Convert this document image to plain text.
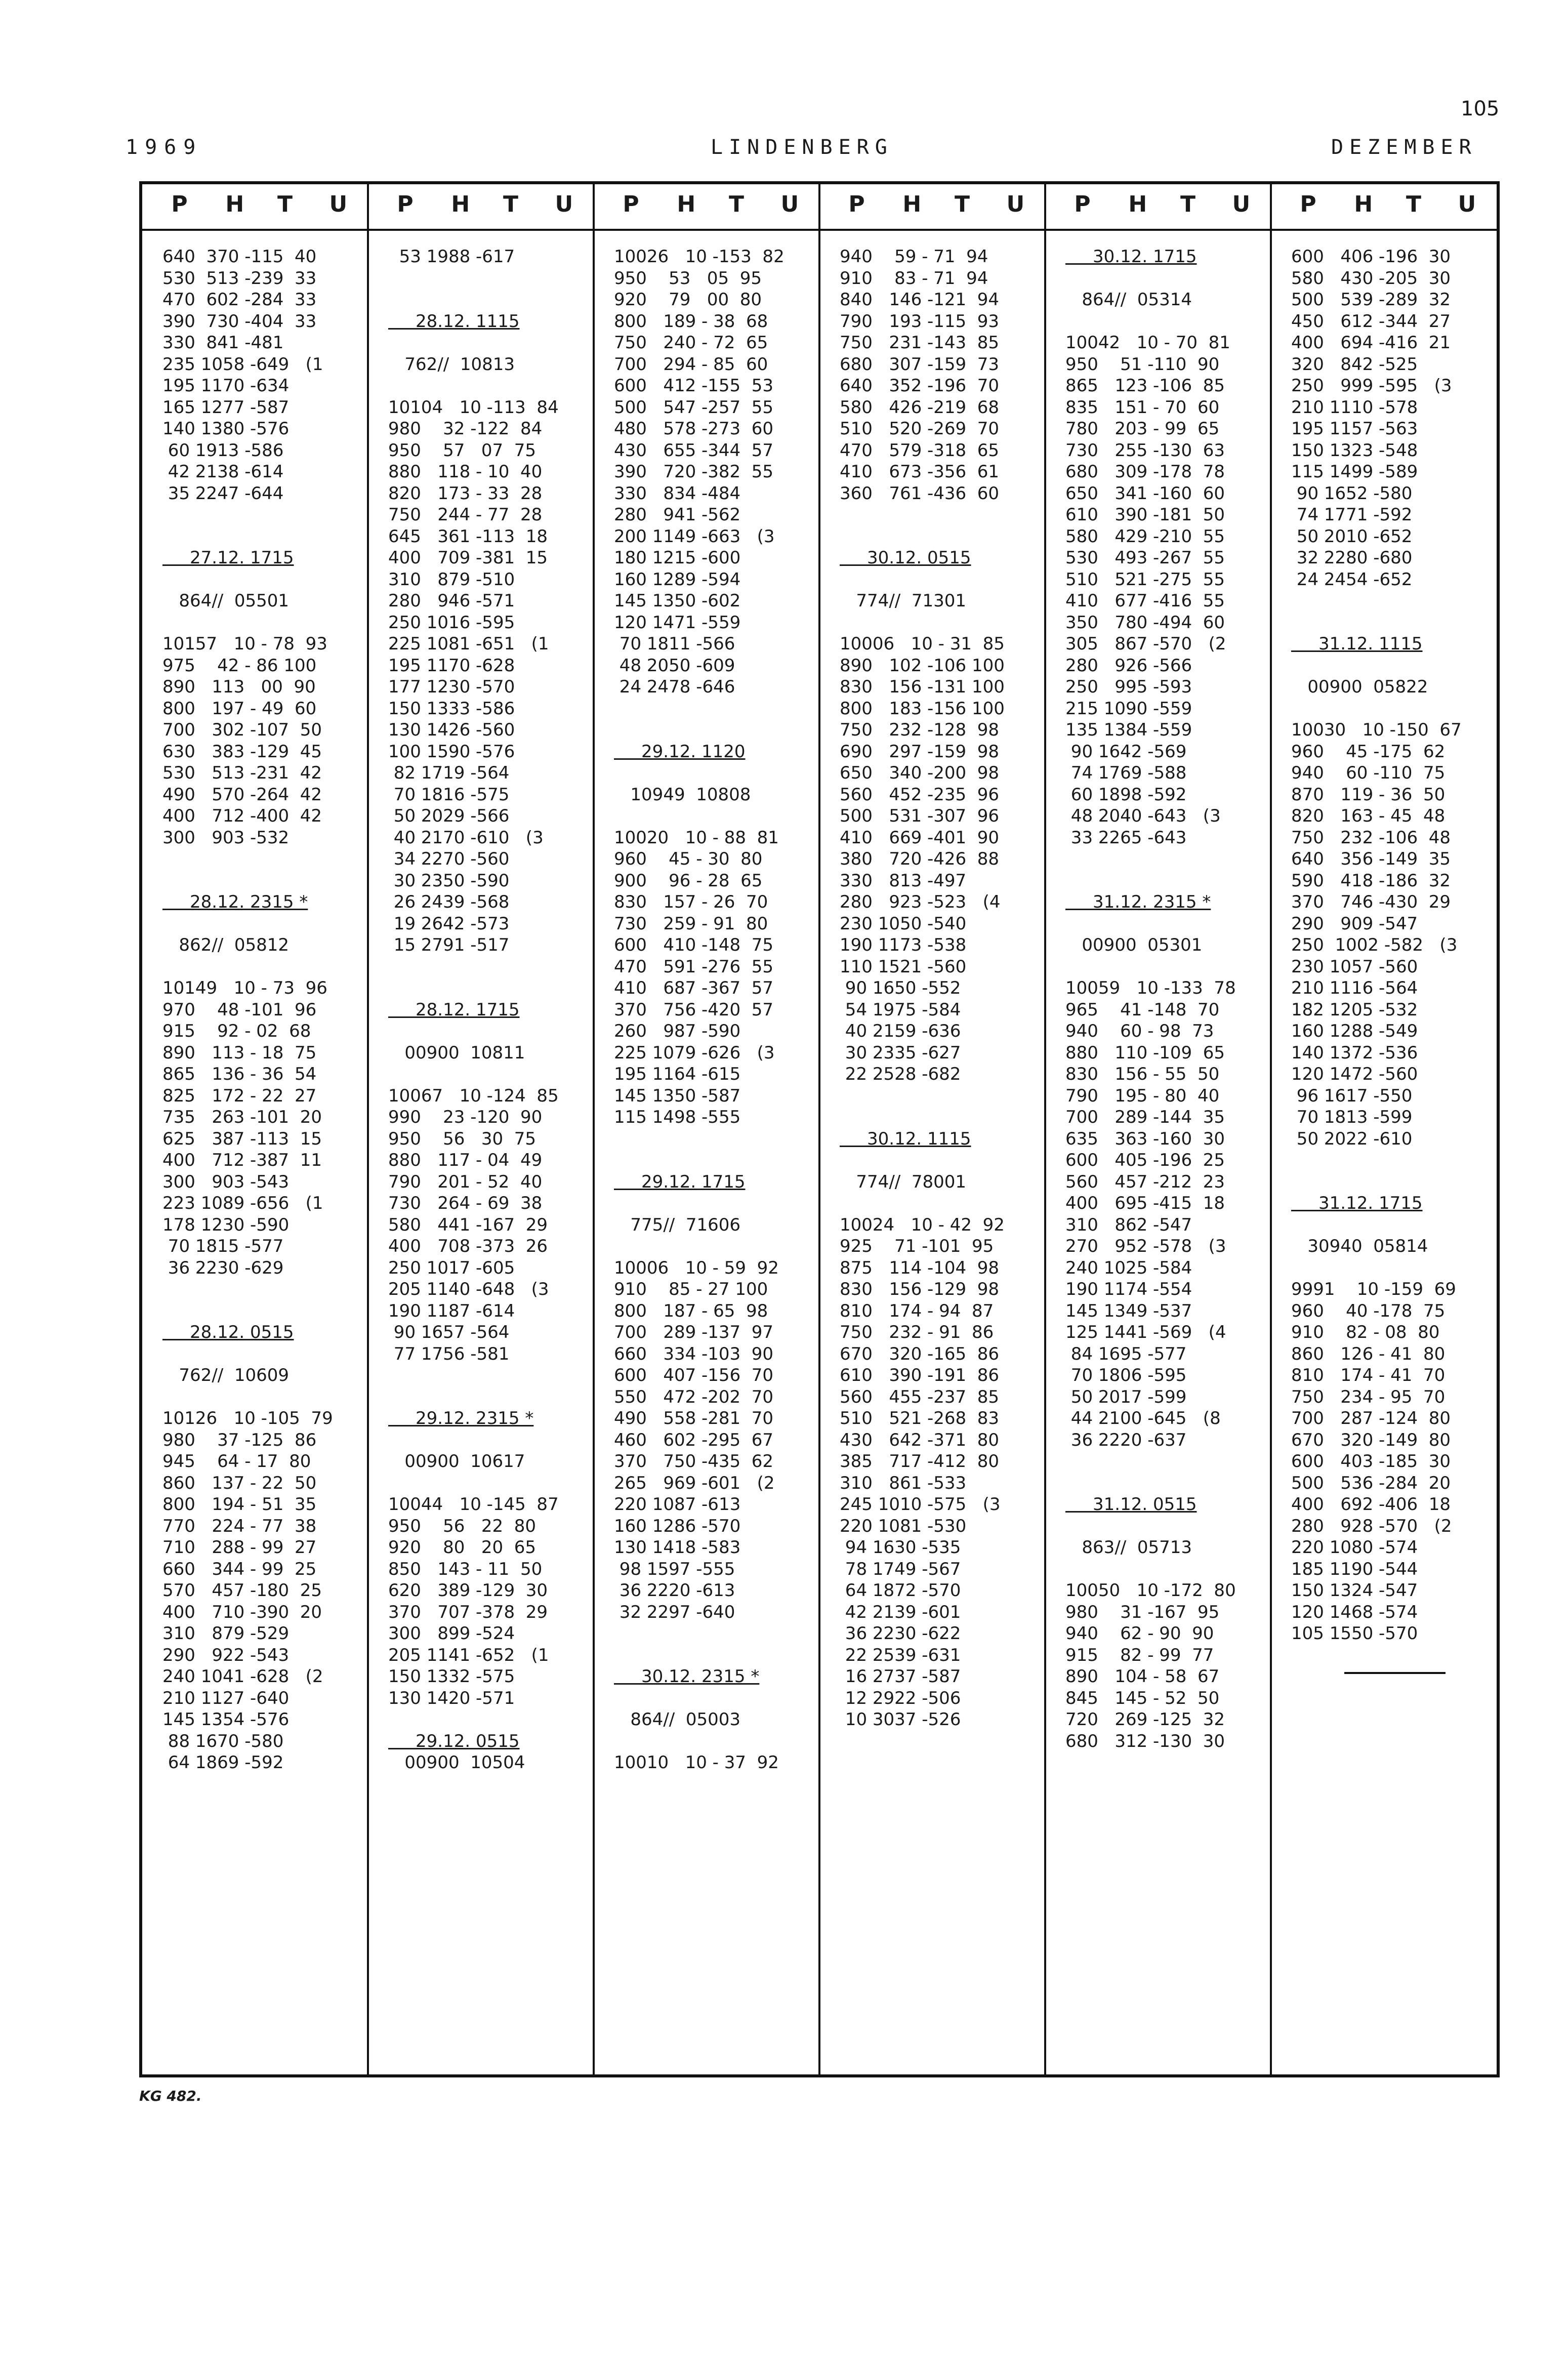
105
1969	LINDENBERG	DEZEMBER
P H T U
640  370 -115  40
530  513 -239  33
470  602 -284  33
390  730 -404  33
330  841 -481
235 1058 -649   (1
195 1170 -634
165 1277 -587
140 1380 -576
60 1913 -586
42 2138 -614
35 2247 -644
27.12. 1715
864//  05501
10157   10 - 78  93
975    42 - 86 100
890   113   00  90
800   197 - 49  60
700   302 -107  50
630   383 -129  45
530   513 -231  42
490   570 -264  42
400   712 -400  42
300   903 -532
28.12. 2315 *
862//  05812
10149   10 - 73  96
970    48 -101  96
915    92 - 02  68
890   113 - 18  75
865   136 - 36  54
825   172 - 22  27
735   263 -101  20
625   387 -113  15
400   712 -387  11
300   903 -543
223 1089 -656   (1
178 1230 -590
70 1815 -577
36 2230 -629
28.12. 0515
762//  10609
10126   10 -105  79
980    37 -125  86
945    64 - 17  80
860   137 - 22  50
800   194 - 51  35
770   224 - 77  38
710   288 - 99  27
660   344 - 99  25
570   457 -180  25
400   710 -390  20
310   879 -529
290   922 -543
240 1041 -628   (2
210 1127 -640
145 1354 -576
88 1670 -580
64 1869 -592
P H T U
53 1988 -617
28.12. 1115
762//  10813
10104   10 -113  84
980    32 -122  84
950    57   07  75
880   118 - 10  40
820   173 - 33  28
750   244 - 77  28
645   361 -113  18
400   709 -381  15
310   879 -510
280   946 -571
250 1016 -595
225 1081 -651   (1
195 1170 -628
177 1230 -570
150 1333 -586
130 1426 -560
100 1590 -576
82 1719 -564
70 1816 -575
50 2029 -566
40 2170 -610   (3
34 2270 -560
30 2350 -590
26 2439 -568
19 2642 -573
15 2791 -517
28.12. 1715
00900  10811
10067   10 -124  85
990    23 -120  90
950    56   30  75
880   117 - 04  49
790   201 - 52  40
730   264 - 69  38
580   441 -167  29
400   708 -373  26
250 1017 -605
205 1140 -648   (3
190 1187 -614
90 1657 -564
77 1756 -581
29.12. 2315 *
00900  10617
10044   10 -145  87
950    56   22  80
920    80   20  65
850   143 - 11  50
620   389 -129  30
370   707 -378  29
300   899 -524
205 1141 -652   (1
150 1332 -575
130 1420 -571
29.12. 0515
00900  10504
P H T U
10026   10 -153  82
950    53   05  95
920    79   00  80
800   189 - 38  68
750   240 - 72  65
700   294 - 85  60
600   412 -155  53
500   547 -257  55
480   578 -273  60
430   655 -344  57
390   720 -382  55
330   834 -484
280   941 -562
200 1149 -663   (3
180 1215 -600
160 1289 -594
145 1350 -602
120 1471 -559
70 1811 -566
48 2050 -609
24 2478 -646
29.12. 1120
10949  10808
10020   10 - 88  81
960    45 - 30  80
900    96 - 28  65
830   157 - 26  70
730   259 - 91  80
600   410 -148  75
470   591 -276  55
410   687 -367  57
370   756 -420  57
260   987 -590
225 1079 -626   (3
195 1164 -615
145 1350 -587
115 1498 -555
29.12. 1715
775//  71606
10006   10 - 59  92
910    85 - 27 100
800   187 - 65  98
700   289 -137  97
660   334 -103  90
600   407 -156  70
550   472 -202  70
490   558 -281  70
460   602 -295  67
370   750 -435  62
265   969 -601   (2
220 1087 -613
160 1286 -570
130 1418 -583
98 1597 -555
36 2220 -613
32 2297 -640
30.12. 2315 *
864//  05003
10010   10 - 37  92
P H T U
940    59 - 71  94
910    83 - 71  94
840   146 -121  94
790   193 -115  93
750   231 -143  85
680   307 -159  73
640   352 -196  70
580   426 -219  68
510   520 -269  70
470   579 -318  65
410   673 -356  61
360   761 -436  60
30.12. 0515
774//  71301
10006   10 - 31  85
890   102 -106 100
830   156 -131 100
800   183 -156 100
750   232 -128  98
690   297 -159  98
650   340 -200  98
560   452 -235  96
500   531 -307  96
410   669 -401  90
380   720 -426  88
330   813 -497
280   923 -523   (4
230 1050 -540
190 1173 -538
110 1521 -560
90 1650 -552
54 1975 -584
40 2159 -636
30 2335 -627
22 2528 -682
30.12. 1115
774//  78001
10024   10 - 42  92
925    71 -101  95
875   114 -104  98
830   156 -129  98
810   174 - 94  87
750   232 - 91  86
670   320 -165  86
610   390 -191  86
560   455 -237  85
510   521 -268  83
430   642 -371  80
385   717 -412  80
310   861 -533
245 1010 -575   (3
220 1081 -530
94 1630 -535
78 1749 -567
64 1872 -570
42 2139 -601
36 2230 -622
22 2539 -631
16 2737 -587
12 2922 -506
10 3037 -526
P H T U
30.12. 1715
864//  05314
10042   10 - 70  81
950    51 -110  90
865   123 -106  85
835   151 - 70  60
780   203 - 99  65
730   255 -130  63
680   309 -178  78
650   341 -160  60
610   390 -181  50
580   429 -210  55
530   493 -267  55
510   521 -275  55
410   677 -416  55
350   780 -494  60
305   867 -570   (2
280   926 -566
250   995 -593
215 1090 -559
135 1384 -559
90 1642 -569
74 1769 -588
60 1898 -592
48 2040 -643   (3
33 2265 -643
31.12. 2315 *
00900  05301
10059   10 -133  78
965    41 -148  70
940    60 - 98  73
880   110 -109  65
830   156 - 55  50
790   195 - 80  40
700   289 -144  35
635   363 -160  30
600   405 -196  25
560   457 -212  23
400   695 -415  18
310   862 -547
270   952 -578   (3
240 1025 -584
190 1174 -554
145 1349 -537
125 1441 -569   (4
84 1695 -577
70 1806 -595
50 2017 -599
44 2100 -645   (8
36 2220 -637
31.12. 0515
863//  05713
10050   10 -172  80
980    31 -167  95
940    62 - 90  90
915    82 - 99  77
890   104 - 58  67
845   145 - 52  50
720   269 -125  32
680   312 -130  30
P H T U
600   406 -196  30
580   430 -205  30
500   539 -289  32
450   612 -344  27
400   694 -416  21
320   842 -525
250   999 -595   (3
210 1110 -578
195 1157 -563
150 1323 -548
115 1499 -589
90 1652 -580
74 1771 -592
50 2010 -652
32 2280 -680
24 2454 -652
31.12. 1115
00900  05822
10030   10 -150  67
960    45 -175  62
940    60 -110  75
870   119 - 36  50
820   163 - 45  48
750   232 -106  48
640   356 -149  35
590   418 -186  32
370   746 -430  29
290   909 -547
250  1002 -582   (3
230 1057 -560
210 1116 -564
182 1205 -532
160 1288 -549
140 1372 -536
120 1472 -560
96 1617 -550
70 1813 -599
50 2022 -610
31.12. 1715
30940  05814
9991    10 -159  69
960    40 -178  75
910    82 - 08  80
860   126 - 41  80
810   174 - 41  70
750   234 - 95  70
700   287 -124  80
670   320 -149  80
600   403 -185  30
500   536 -284  20
400   692 -406  18
280   928 -570   (2
220 1080 -574
185 1190 -544
150 1324 -547
120 1468 -574
105 1550 -570
KG 482.
